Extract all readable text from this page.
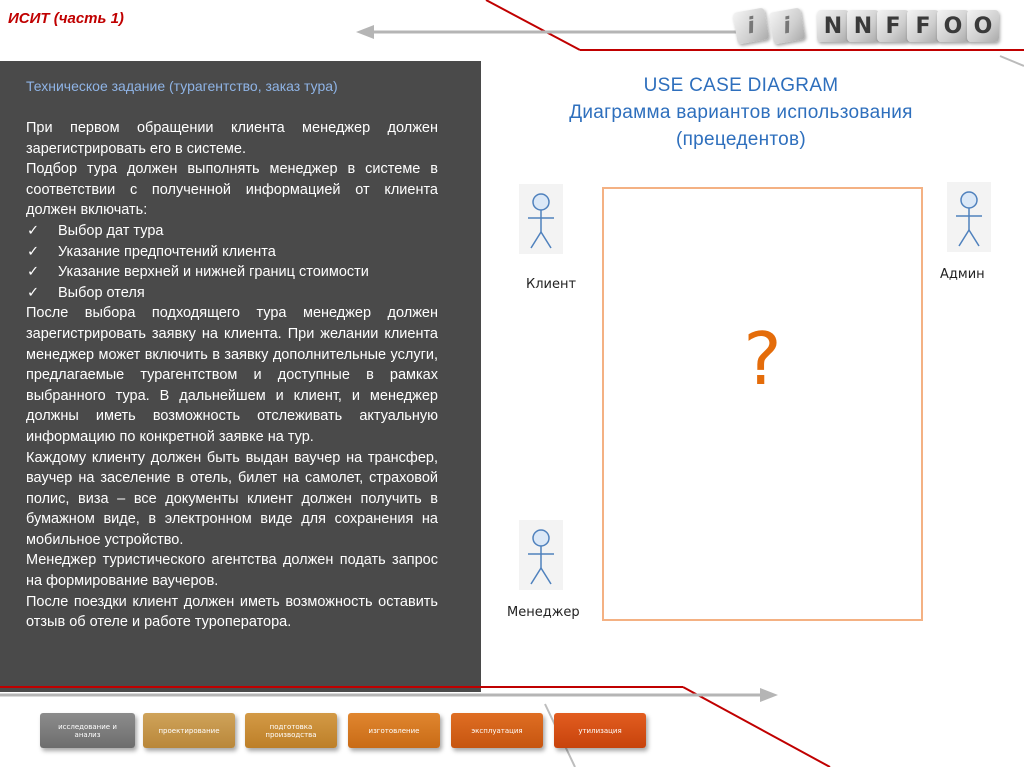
ИСИТ (часть 1)	i	i	N N F F O O
Техническое задание (турагентство, заказ тура)

При первом обращении клиента менеджер должен зарегистрировать его в системе.

Подбор тура должен выполнять менеджер в системе в соответствии с полученной информацией от клиента должен включать:

✓	Выбор дат тура
✓	Указание предпочтений клиента
✓	Указание верхней и нижней границ стоимости
✓	Выбор отеля

После выбора подходящего тура менеджер должен зарегистрировать заявку на клиента. При желании клиента менеджер может включить в заявку дополнительные услуги, предлагаемые турагентством и доступные в рамках выбранного тура. В дальнейшем и клиент, и менеджер должны иметь возможность отслеживать актуальную информацию по конкретной заявке на тур.

Каждому клиенту должен быть выдан ваучер на трансфер, ваучер на заселение в отель, билет на самолет, страховой полис, виза – все документы клиент должен получить в бумажном виде, в электронном виде для сохранения на мобильное устройство.

Менеджер туристического агентства должен подать запрос на формирование ваучеров.

После поездки клиент должен иметь возможность оставить отзыв об отеле и работе туроператора.

USE CASE DIAGRAM
Диаграмма вариантов использования
(прецедентов)
?
Клиент
Админ
Менеджер
исследование и
анализ	проектирование	подготовка
производства	изготовление	эксплуатация	утилизация
